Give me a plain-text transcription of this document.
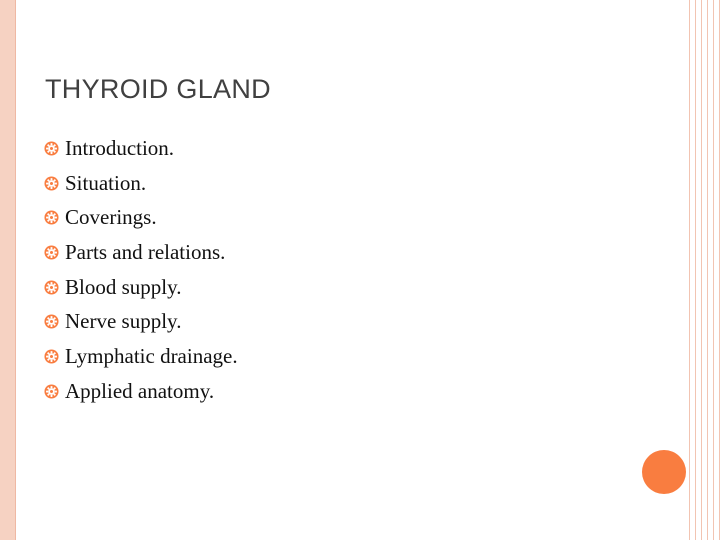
THYROID GLAND
Introduction.
Situation.
Coverings.
Parts and relations.
Blood supply.
Nerve supply.
Lymphatic drainage.
Applied anatomy.
